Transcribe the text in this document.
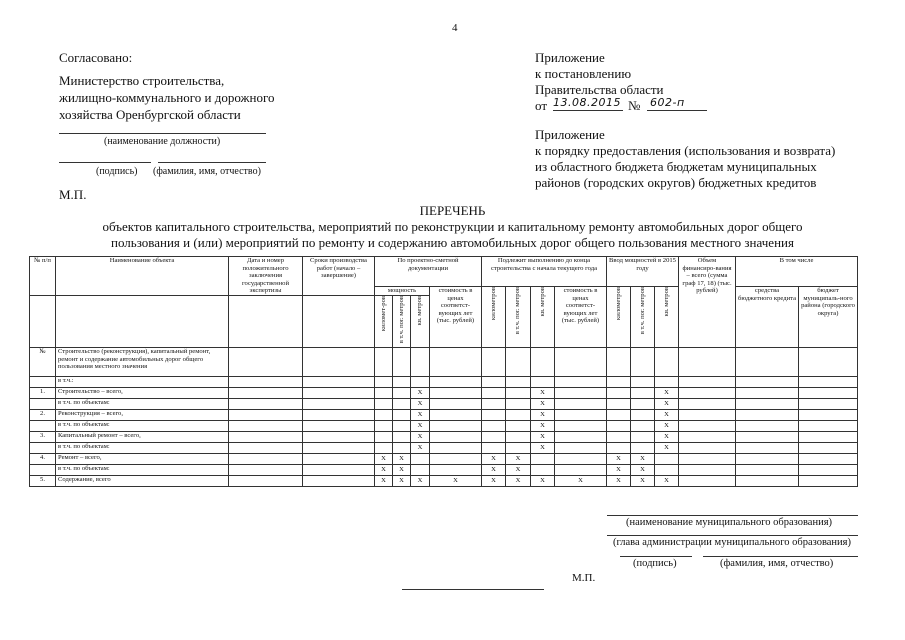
4
Согласовано:
Министерство строительства,
жилищно-коммунального и дорожного
хозяйства Оренбургской области
(наименование должности)
(подпись) (фамилия, имя, отчество)
М.П.
Приложение
к постановлению
Правительства области
от 13.08.2015 № 602-п
Приложение
к порядку предоставления (использования и возврата)
из областного бюджета бюджетам муниципальных
районов (городских округов) бюджетных кредитов
ПЕРЕЧЕНЬ
объектов капитального строительства, мероприятий по реконструкции и капитальному ремонту автомобильных дорог общего
пользования и (или) мероприятий по ремонту и содержанию автомобильных дорог общего пользования местного значения
№ п/п	Наименование объекта	Дата и номер положительного заключения государственной экспертизы	Сроки производства работ (начало – завершение)	По проектно-сметной документации				Подлежит выполнению до конца строительства с начала текущего года				Ввод мощностей в 2015 году			Объем финансиро-вания – всего (сумма граф 17, 18) (тыс. рублей)	В том числе	
				мощность			стоимость в ценах соответст-вующих лет (тыс. рублей)	километров	в т.ч. пог. метров	кв. метров	стоимость в ценах соответст-вующих лет (тыс. рублей)	километров	в т.ч. пог. метров	кв. метров		средства бюджетного кредита	бюджет муниципаль-ного района (городского округа)

				километ-ров	в т.ч. пог. метров	кв. метров											

№	Строительство (реконструкция), капитальный ремонт, ремонт и содержание автомобильных дорог общего пользования местного значения																
	в т.ч.:																
1.	Строительство – всего,					X				X				X			
	в т.ч. по объектам:					X				X				X			
2.	Реконструкция – всего,					X				X				X			
	в т.ч. по объектам:					X				X				X			
3.	Капитальный ремонт – всего,					X				X				X			
	в т.ч. по объектам:					X				X				X			
4.	Ремонт – всего,			X	X			X	X			X	X				
	в т.ч. по объектам:			X	X			X	X			X	X				
5.	Содержание, всего			X	X	X	X	X	X	X	X	X	X	X			
(наименование муниципального образования)
(глава администрации муниципального образования)
(подпись)	(фамилия, имя, отчество)
М.П.
